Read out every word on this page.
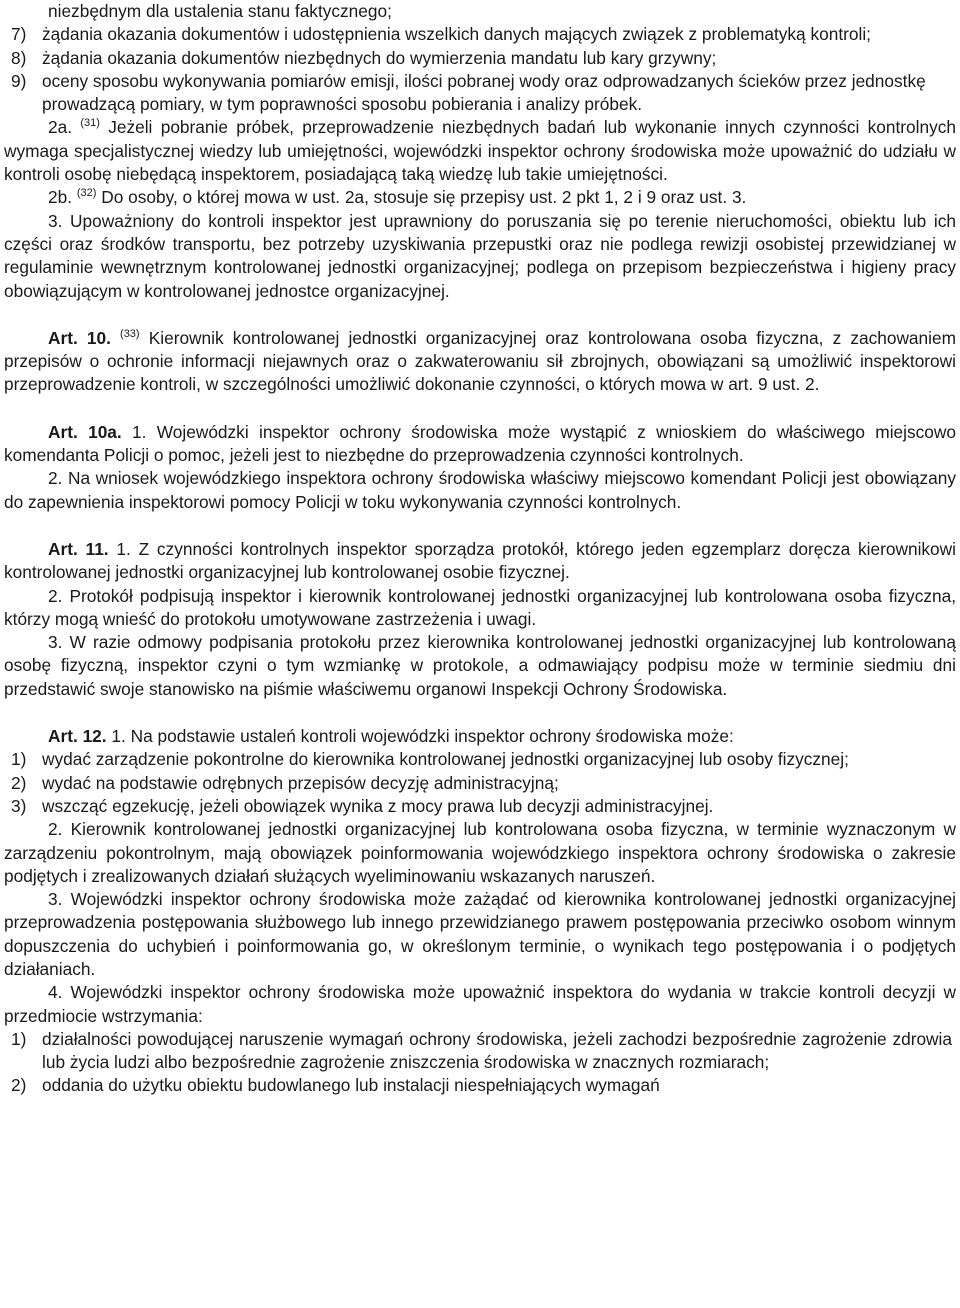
niezbędnym dla ustalenia stanu faktycznego;

7) żądania okazania dokumentów i udostępnienia wszelkich danych mających związek z problematyką kontroli;
8) żądania okazania dokumentów niezbędnych do wymierzenia mandatu lub kary grzywny;
9) oceny sposobu wykonywania pomiarów emisji, ilości pobranej wody oraz odprowadzanych ścieków przez jednostkę prowadzącą pomiary, w tym poprawności sposobu pobierania i analizy próbek.

2a. $^{(31)}$ Jeżeli pobranie próbek, przeprowadzenie niezbędnych badań lub wykonanie innych czynności kontrolnych wymaga specjalistycznej wiedzy lub umiejętności, wojewódzki inspektor ochrony środowiska może upoważnić do udziału w kontroli osobę niebędącą inspektorem, posiadającą taką wiedzę lub takie umiejętności.

2b. $^{(32)}$ Do osoby, o której mowa w ust. 2a, stosuje się przepisy ust. 2 pkt 1, 2 i 9 oraz ust. 3.

3. Upoważniony do kontroli inspektor jest uprawniony do poruszania się po terenie nieruchomości, obiektu lub ich części oraz środków transportu, bez potrzeby uzyskiwania przepustki oraz nie podlega rewizji osobistej przewidzianej w regulaminie wewnętrznym kontrolowanej jednostki organizacyjnej; podlega on przepisom bezpieczeństwa i higieny pracy obowiązującym w kontrolowanej jednostce organizacyjnej.

Art. 10. $^{(33)}$ Kierownik kontrolowanej jednostki organizacyjnej oraz kontrolowana osoba fizyczna, z zachowaniem przepisów o ochronie informacji niejawnych oraz o zakwaterowaniu sił zbrojnych, obowiązani są umożliwić inspektorowi przeprowadzenie kontroli, w szczególności umożliwić dokonanie czynności, o których mowa w art. 9 ust. 2.

Art. 10a. 1. Wojewódzki inspektor ochrony środowiska może wystąpić z wnioskiem do właściwego miejscowo komendanta Policji o pomoc, jeżeli jest to niezbędne do przeprowadzenia czynności kontrolnych.

2. Na wniosek wojewódzkiego inspektora ochrony środowiska właściwy miejscowo komendant Policji jest obowiązany do zapewnienia inspektorowi pomocy Policji w toku wykonywania czynności kontrolnych.

Art. 11. 1. Z czynności kontrolnych inspektor sporządza protokół, którego jeden egzemplarz doręcza kierownikowi kontrolowanej jednostki organizacyjnej lub kontrolowanej osobie fizycznej.

2. Protokół podpisują inspektor i kierownik kontrolowanej jednostki organizacyjnej lub kontrolowana osoba fizyczna, którzy mogą wnieść do protokołu umotywowane zastrzeżenia i uwagi.

3. W razie odmowy podpisania protokołu przez kierownika kontrolowanej jednostki organizacyjnej lub kontrolowaną osobę fizyczną, inspektor czyni o tym wzmiankę w protokole, a odmawiający podpisu może w terminie siedmiu dni przedstawić swoje stanowisko na piśmie właściwemu organowi Inspekcji Ochrony Środowiska.

Art. 12. 1. Na podstawie ustaleń kontroli wojewódzki inspektor ochrony środowiska może:

1) wydać zarządzenie pokontrolne do kierownika kontrolowanej jednostki organizacyjnej lub osoby fizycznej;
2) wydać na podstawie odrębnych przepisów decyzję administracyjną;
3) wszcząć egzekucję, jeżeli obowiązek wynika z mocy prawa lub decyzji administracyjnej.

2. Kierownik kontrolowanej jednostki organizacyjnej lub kontrolowana osoba fizyczna, w terminie wyznaczonym w zarządzeniu pokontrolnym, mają obowiązek poinformowania wojewódzkiego inspektora ochrony środowiska o zakresie podjętych i zrealizowanych działań służących wyeliminowaniu wskazanych naruszeń.

3. Wojewódzki inspektor ochrony środowiska może zażądać od kierownika kontrolowanej jednostki organizacyjnej przeprowadzenia postępowania służbowego lub innego przewidzianego prawem postępowania przeciwko osobom winnym dopuszczenia do uchybień i poinformowania go, w określonym terminie, o wynikach tego postępowania i o podjętych działaniach.

4. Wojewódzki inspektor ochrony środowiska może upoważnić inspektora do wydania w trakcie kontroli decyzji w przedmiocie wstrzymania:

1) działalności powodującej naruszenie wymagań ochrony środowiska, jeżeli zachodzi bezpośrednie zagrożenie zdrowia lub życia ludzi albo bezpośrednie zagrożenie zniszczenia środowiska w znacznych rozmiarach;
2) oddania do użytku obiektu budowlanego lub instalacji niespełniających wymagań
